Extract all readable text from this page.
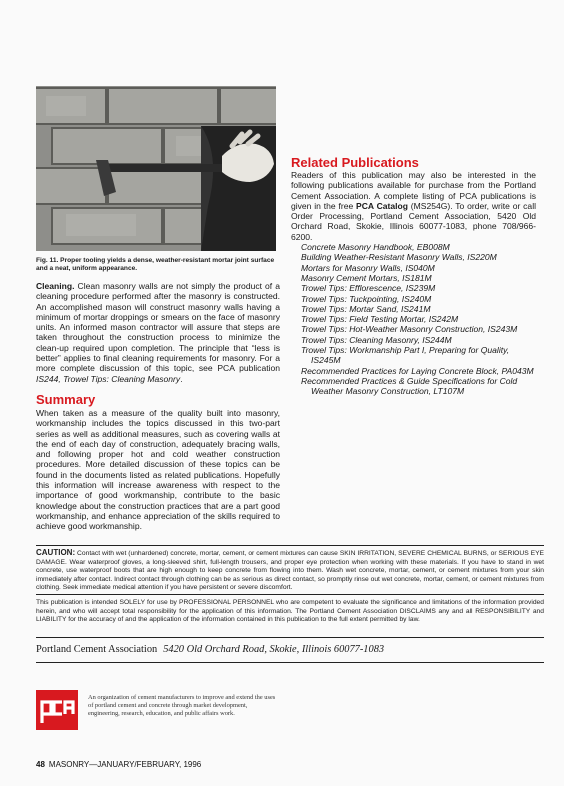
Fig. 11. Proper tooling yields a dense, weather-resistant mortar joint surface and a neat, uniform appearance.

Cleaning. Clean masonry walls are not simply the product of a cleaning procedure performed after the masonry is constructed. An accomplished mason will construct masonry walls having a minimum of mortar droppings or smears on the face of masonry units. An informed mason contractor will assure that steps are taken throughout the construction process to minimize the clean-up required upon completion. The principle that “less is better” applies to final cleaning requirements for masonry. For a more complete discussion of this topic, see PCA publication IS244, Trowel Tips: Cleaning Masonry.

Summary

When taken as a measure of the quality built into masonry, workmanship includes the topics discussed in this two-part series as well as additional measures, such as covering walls at the end of each day of construction, adequately bracing walls, and following proper hot and cold weather construction procedures. More detailed discussion of these topics can be found in the documents listed as related publications. Hopefully this information will increase awareness with respect to the importance of good workmanship, contribute to the basic knowledge about the construction practices that are a part good workmanship, and enhance appreciation of the skills required to achieve good workmanship.

Related Publications

Readers of this publication may also be interested in the following publications available for purchase from the Portland Cement Association. A complete listing of PCA publications is given in the free PCA Catalog (MS254G). To order, write or call Order Processing, Portland Cement Association, 5420 Old Orchard Road, Skokie, Illinois 60077-1083, phone 708/966-6200.

Concrete Masonry Handbook, EB008M
Building Weather-Resistant Masonry Walls, IS220M
Mortars for Masonry Walls, IS040M
Masonry Cement Mortars, IS181M
Trowel Tips: Efflorescence, IS239M
Trowel Tips: Tuckpointing, IS240M
Trowel Tips: Mortar Sand, IS241M
Trowel Tips: Field Testing Mortar, IS242M
Trowel Tips: Hot-Weather Masonry Construction, IS243M
Trowel Tips: Cleaning Masonry, IS244M
Trowel Tips: Workmanship Part I, Preparing for Quality, IS245M
Recommended Practices for Laying Concrete Block, PA043M
Recommended Practices & Guide Specifications for Cold Weather Masonry Construction, LT107M
CAUTION: Contact with wet (unhardened) concrete, mortar, cement, or cement mixtures can cause SKIN IRRITATION, SEVERE CHEMICAL BURNS, or SERIOUS EYE DAMAGE. Wear waterproof gloves, a long-sleeved shirt, full-length trousers, and proper eye protection when working with these materials. If you have to stand in wet concrete, use waterproof boots that are high enough to keep concrete from flowing into them. Wash wet concrete, mortar, cement, or cement mixtures from your skin immediately after contact. Indirect contact through clothing can be as serious as direct contact, so promptly rinse out wet concrete, mortar, cement, or cement mixtures from clothing. Seek immediate medical attention if you have persistent or severe discomfort.
This publication is intended SOLELY for use by PROFESSIONAL PERSONNEL who are competent to evaluate the significance and limitations of the information provided herein, and who will accept total responsibility for the application of this information. The Portland Cement Association DISCLAIMS any and all RESPONSIBILITY and LIABILITY for the accuracy of and the application of the information contained in this publication to the full extent permitted by law.
Portland Cement Association 5420 Old Orchard Road, Skokie, Illinois 60077-1083
An organization of cement manufacturers to improve and extend the uses of portland cement and concrete through market development, engineering, research, education, and public affairs work.
48 MASONRY—JANUARY/FEBRUARY, 1996
